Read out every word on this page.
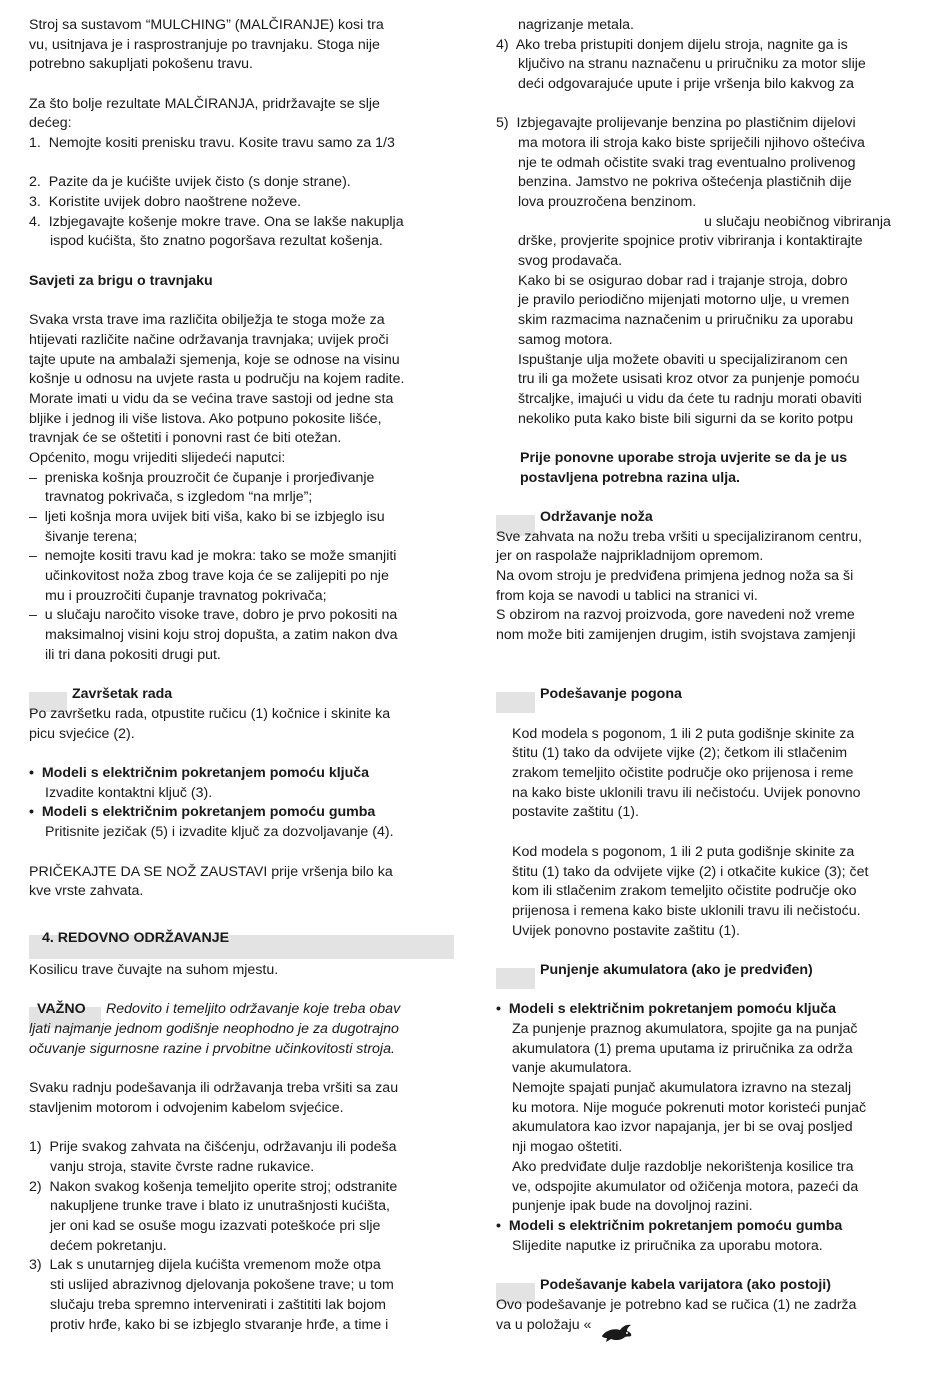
Stroj sa sustavom “MULCHING” (MALČIRANJE) kosi tra
vu, usitnjava je i rasprostranjuje po travnjaku. Stoga nije
potrebno sakupljati pokošenu travu.
Za što bolje rezultate MALČIRANJA, pridržavajte se slje
dećeg:
1.  Nemojte kositi prenisku travu. Kosite travu samo za 1/3
2.  Pazite da je kućište uvijek čisto (s donje strane).
3.  Koristite uvijek dobro naoštrene noževe.
4.  Izbjegavajte košenje mokre trave. Ona se lakše nakuplja
ispod kućišta, što znatno pogoršava rezultat košenja.
Savjeti za brigu o travnjaku
Svaka vrsta trave ima različita obilježja te stoga može za
htijevati različite načine održavanja travnjaka; uvijek proči
tajte upute na ambalaži sjemenja, koje se odnose na visinu
košnje u odnosu na uvjete rasta u području na kojem radite.
Morate imati u vidu da se većina trave sastoji od jedne sta
bljike i jednog ili više listova. Ako potpuno pokosite lišće,
travnjak će se oštetiti i ponovni rast će biti otežan.
Općenito, mogu vrijediti slijedeći naputci:
–  preniska košnja prouzročit će čupanje i prorjeđivanje
travnatog pokrivača, s izgledom “na mrlje”;
–  ljeti košnja mora uvijek biti viša, kako bi se izbjeglo isu
šivanje terena;
–  nemojte kositi travu kad je mokra: tako se može smanjiti
učinkovitost noža zbog trave koja će se zalijepiti po nje
mu i prouzročiti čupanje travnatog pokrivača;
–  u slučaju naročito visoke trave, dobro je prvo pokositi na
maksimalnoj visini koju stroj dopušta, a zatim nakon dva
ili tri dana pokositi drugi put.
Završetak rada
Po završetku rada, otpustite ručicu (1) kočnice i skinite ka
picu svjećice (2).
•  Modeli s električnim pokretanjem pomoću ključa
Izvadite kontaktni ključ (3).
•  Modeli s električnim pokretanjem pomoću gumba
Pritisnite jezičak (5) i izvadite ključ za dozvoljavanje (4).
PRIČEKAJTE DA SE NOŽ ZAUSTAVI prije vršenja bilo ka
kve vrste zahvata.
4. REDOVNO ODRŽAVANJE
Kosilicu trave čuvajte na suhom mjestu.
VAŽNO Redovito i temeljito održavanje koje treba obav
ljati najmanje jednom godišnje neophodno je za dugotrajno
očuvanje sigurnosne razine i prvobitne učinkovitosti stroja.
Svaku radnju podešavanja ili održavanja treba vršiti sa zau
stavljenim motorom i odvojenim kabelom svjećice.
1)  Prije svakog zahvata na čišćenju, održavanju ili podeša
vanju stroja, stavite čvrste radne rukavice.
2)  Nakon svakog košenja temeljito operite stroj; odstranite
nakupljene trunke trave i blato iz unutrašnjosti kućišta,
jer oni kad se osuše mogu izazvati poteškoće pri slje
dećem pokretanju.
3)  Lak s unutarnjeg dijela kućišta vremenom može otpa
sti uslijed abrazivnog djelovanja pokošene trave; u tom
slučaju treba spremno intervenirati i zaštititi lak bojom
protiv hrđe, kako bi se izbjeglo stvaranje hrđe, a time i
nagrizanje metala.
4)  Ako treba pristupiti donjem dijelu stroja, nagnite ga is
ključivo na stranu naznačenu u priručniku za motor slije
deći odgovarajuće upute i prije vršenja bilo kakvog za
5)  Izbjegavajte prolijevanje benzina po plastičnim dijelovi
ma motora ili stroja kako biste spriječili njihovo oštećiva
nje te odmah očistite svaki trag eventualno prolivenog
benzina. Jamstvo ne pokriva oštećenja plastičnih dije
lova prouzročena benzinom.
u slučaju neobičnog vibriranja
drške, provjerite spojnice protiv vibriranja i kontaktirajte
svog prodavača.
Kako bi se osigurao dobar rad i trajanje stroja, dobro
je pravilo periodično mijenjati motorno ulje, u vremen
skim razmacima naznačenim u priručniku za uporabu
samog motora.
Ispuštanje ulja možete obaviti u specijaliziranom cen
tru ili ga možete usisati kroz otvor za punjenje pomoću
štrcaljke, imajući u vidu da ćete tu radnju morati obaviti
nekoliko puta kako biste bili sigurni da se korito potpu
Prije ponovne uporabe stroja uvjerite se da je us
postavljena potrebna razina ulja.
Održavanje noža
Sve zahvata na nožu treba vršiti u specijaliziranom centru,
jer on raspolaže najprikladnijom opremom.
Na ovom stroju je predviđena primjena jednog noža sa ši
from koja se navodi u tablici na stranici vi.
S obzirom na razvoj proizvoda, gore navedeni nož vreme
nom može biti zamijenjen drugim, istih svojstava zamjenji
Podešavanje pogona
Kod modela s pogonom, 1 ili 2 puta godišnje skinite za
štitu (1) tako da odvijete vijke (2); četkom ili stlačenim
zrakom temeljito očistite područje oko prijenosa i reme
na kako biste uklonili travu ili nečistoću. Uvijek ponovno
postavite zaštitu (1).
Kod modela s pogonom, 1 ili 2 puta godišnje skinite za
štitu (1) tako da odvijete vijke (2) i otkačite kukice (3); čet
kom ili stlačenim zrakom temeljito očistite područje oko
prijenosa i remena kako biste uklonili travu ili nečistoću.
Uvijek ponovno postavite zaštitu (1).
Punjenje akumulatora (ako je predviđen)
•  Modeli s električnim pokretanjem pomoću ključa
Za punjenje praznog akumulatora, spojite ga na punjač
akumulatora (1) prema uputama iz priručnika za održa
vanje akumulatora.
Nemojte spajati punjač akumulatora izravno na stezalj
ku motora. Nije moguće pokrenuti motor koristeći punjač
akumulatora kao izvor napajanja, jer bi se ovaj posljed
nji mogao oštetiti.
Ako predviđate dulje razdoblje nekorištenja kosilice tra
ve, odspojite akumulator od ožičenja motora, pazeći da
punjenje ipak bude na dovoljnoj razini.
•  Modeli s električnim pokretanjem pomoću gumba
Slijedite naputke iz priručnika za uporabu motora.
Podešavanje kabela varijatora (ako postoji)
Ovo podešavanje je potrebno kad se ručica (1) ne zadrža
va u položaju «
